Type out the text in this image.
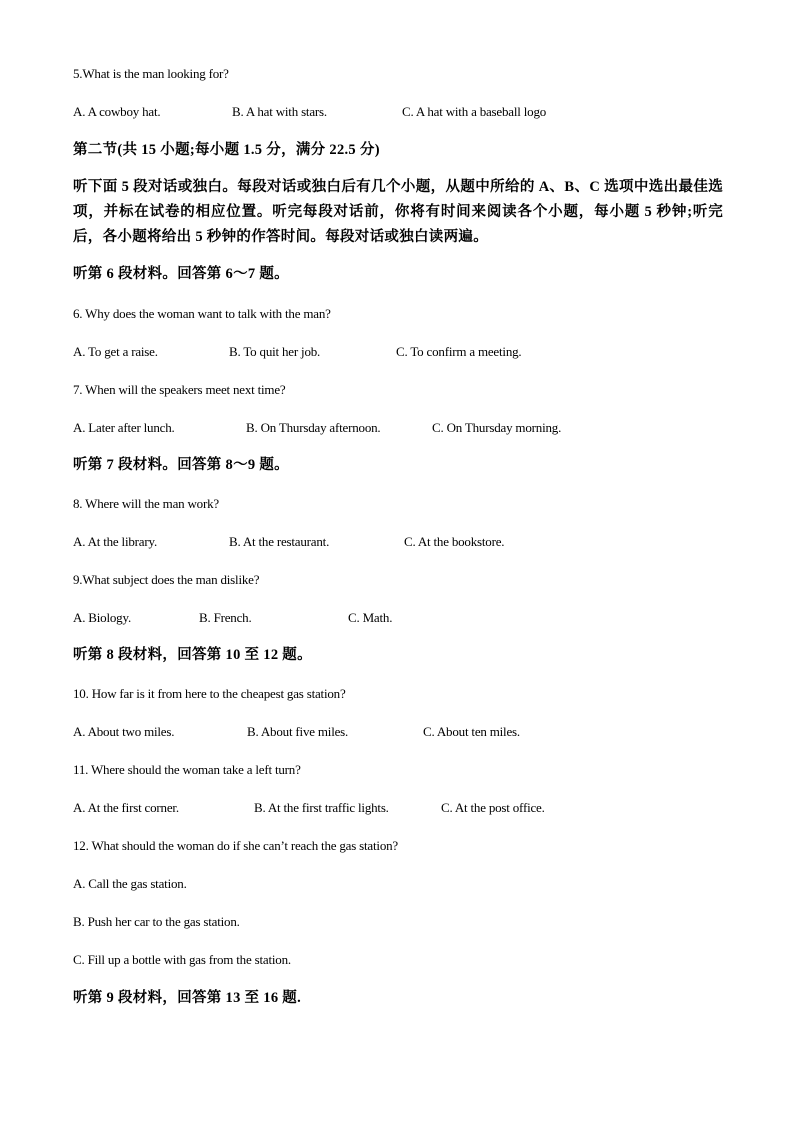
5.What is the man looking for?
A. A cowboy hat.	B. A hat with stars.	C. A hat with a baseball logo
第二节(共 15 小题;每小题 1.5 分，满分 22.5 分)
听下面 5 段对话或独白。每段对话或独白后有几个小题，从题中所给的 A、B、C 选项中选出最佳选项，并标在试卷的相应位置。听完每段对话前，你将有时间来阅读各个小题，每小题 5 秒钟;听完后，各小题将给出 5 秒钟的作答时间。每段对话或独白读两遍。
听第 6 段材料。回答第 6～7 题。
6. Why does the woman want to talk with the man?
A. To get a raise.	B. To quit her job.	C. To confirm a meeting.
7. When will the speakers meet next time?
A. Later after lunch.	B. On Thursday afternoon.	C. On Thursday morning.
听第 7 段材料。回答第 8～9 题。
8. Where will the man work?
A. At the library.	B. At the restaurant.	C. At the bookstore.
9.What subject does the man dislike?
A. Biology.	B. French.	C. Math.
听第 8 段材料，回答第 10 至 12 题。
10. How far is it from here to the cheapest gas station?
A. About two miles.	B. About five miles.	C. About ten miles.
11. Where should the woman take a left turn?
A. At the first corner.	B. At the first traffic lights.	C. At the post office.
12. What should the woman do if she can’t reach the gas station?
A. Call the gas station.
B. Push her car to the gas station.
C. Fill up a bottle with gas from the station.
听第 9 段材料，回答第 13 至 16 题.
